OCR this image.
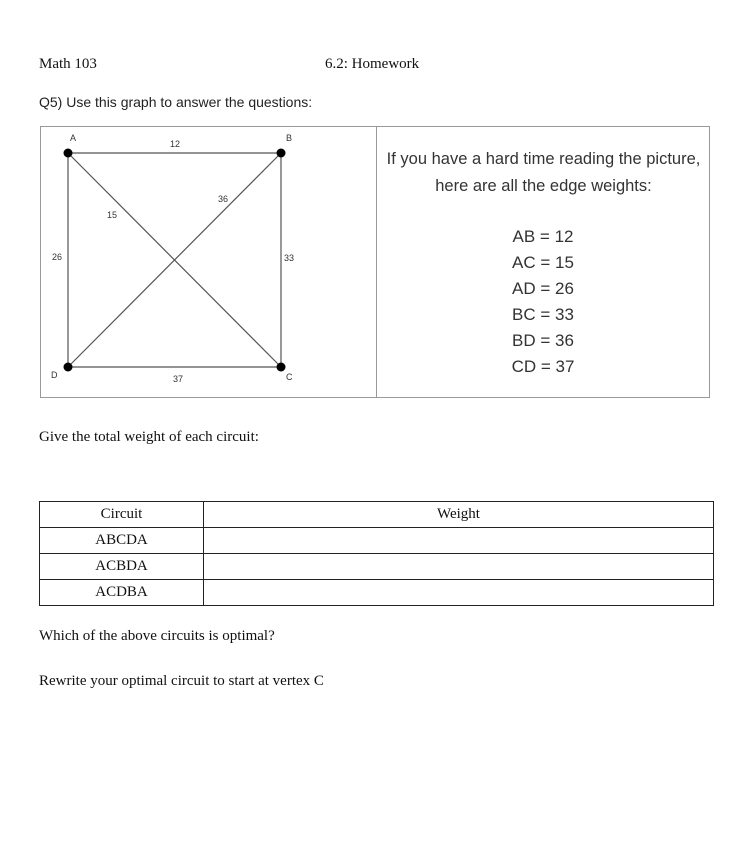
Math 103	6.2: Homework
Q5) Use this graph to answer the questions:
A	B
C
D
12
15
26	33
36
37
If you have a hard time reading the picture,
here are all the edge weights:
AB = 12
AC = 15
AD = 26
BC = 33
BD = 36
CD = 37
Give the total weight of each circuit:
Circuit	Weight
ABCDA	
ACBDA	
ACDBA	
Which of the above circuits is optimal?
Rewrite your optimal circuit to start at vertex C
